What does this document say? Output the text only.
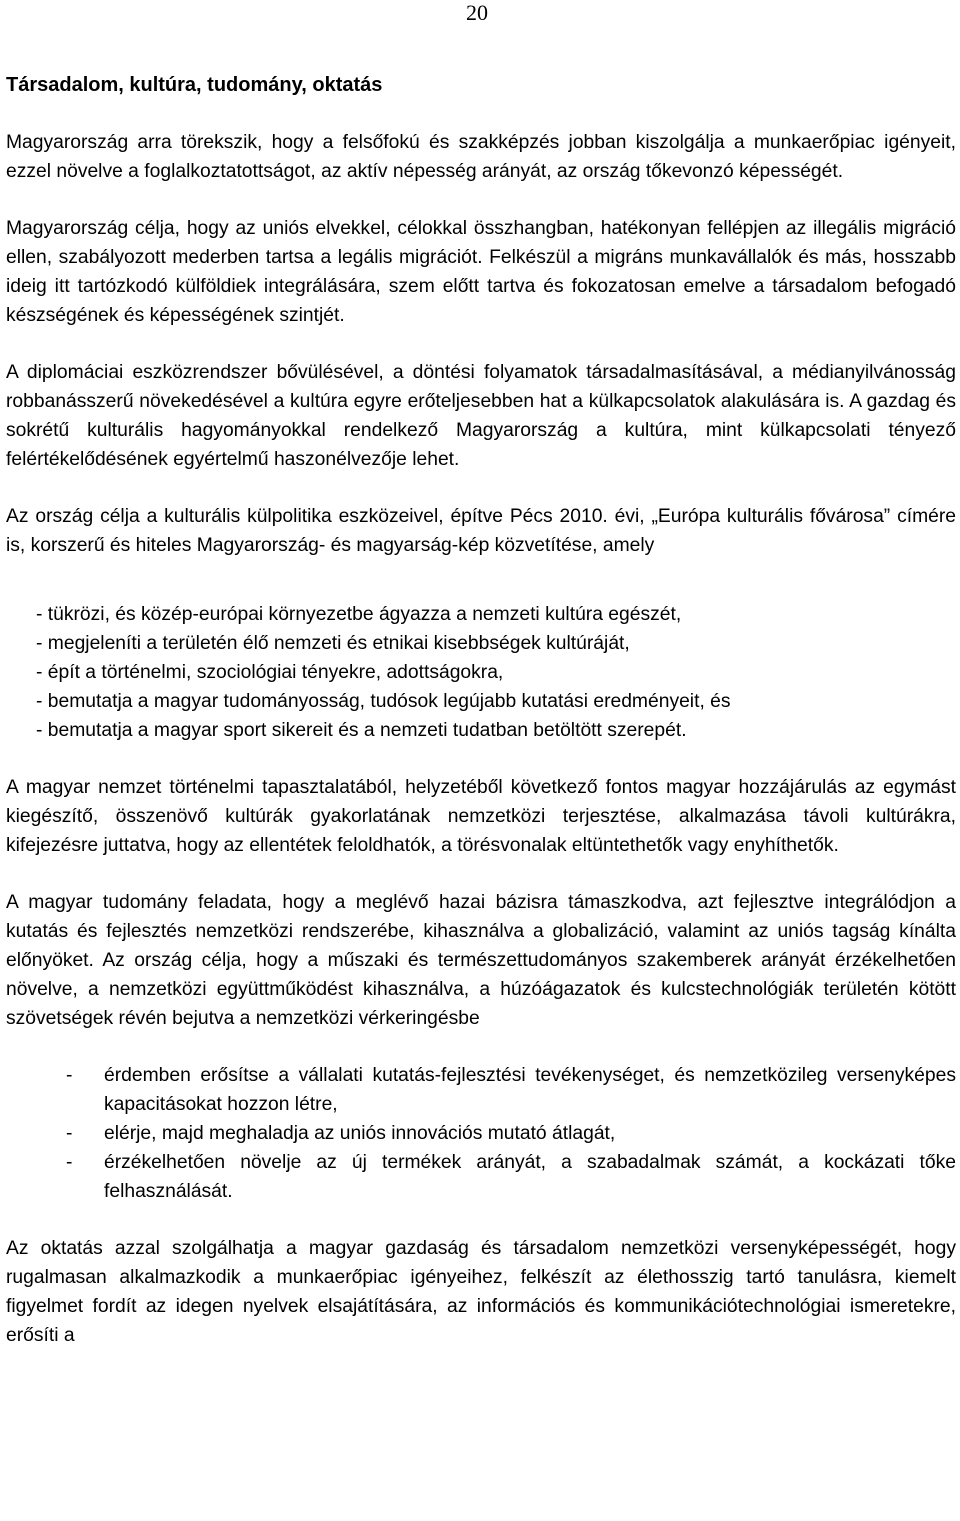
20
Társadalom, kultúra, tudomány, oktatás

Magyarország arra törekszik, hogy a felsőfokú és szakképzés jobban kiszolgálja a munkaerőpiac igényeit, ezzel növelve a foglalkoztatottságot, az aktív népesség arányát, az ország tőkevonzó képességét.

Magyarország célja, hogy az uniós elvekkel, célokkal összhangban, hatékonyan fellépjen az illegális migráció ellen, szabályozott mederben tartsa a legális migrációt. Felkészül a migráns munkavállalók és más, hosszabb ideig itt tartózkodó külföldiek integrálására, szem előtt tartva és fokozatosan emelve a társadalom befogadó készségének és képességének szintjét.

A diplomáciai eszközrendszer bővülésével, a döntési folyamatok társadalmasításával, a médianyilvánosság robbanásszerű növekedésével a kultúra egyre erőteljesebben hat a külkapcsolatok alakulására is. A gazdag és sokrétű kulturális hagyományokkal rendelkező Magyarország a kultúra, mint külkapcsolati tényező felértékelődésének egyértelmű haszonélvezője lehet.

Az ország célja a kulturális külpolitika eszközeivel, építve Pécs 2010. évi, „Európa kulturális fővárosa” címére is, korszerű és hiteles Magyarország- és magyarság-kép közvetítése, amely

- tükrözi, és közép-európai környezetbe ágyazza a nemzeti kultúra egészét,
- megjeleníti a területén élő nemzeti és etnikai kisebbségek kultúráját,
- épít a történelmi, szociológiai tényekre, adottságokra,
- bemutatja a magyar tudományosság, tudósok legújabb kutatási eredményeit, és
- bemutatja a magyar sport sikereit és a nemzeti tudatban betöltött szerepét.

A magyar nemzet történelmi tapasztalatából, helyzetéből következő fontos magyar hozzájárulás az egymást kiegészítő, összenövő kultúrák gyakorlatának nemzetközi terjesztése, alkalmazása távoli kultúrákra, kifejezésre juttatva, hogy az ellentétek feloldhatók, a törésvonalak eltüntethetők vagy enyhíthetők.

A magyar tudomány feladata, hogy a meglévő hazai bázisra támaszkodva, azt fejlesztve integrálódjon a kutatás és fejlesztés nemzetközi rendszerébe, kihasználva a globalizáció, valamint az uniós tagság kínálta előnyöket. Az ország célja, hogy a műszaki és természettudományos szakemberek arányát érzékelhetően növelve, a nemzetközi együttműködést kihasználva, a húzóágazatok és kulcstechnológiák területén kötött szövetségek révén bejutva a nemzetközi vérkeringésbe

- érdemben erősítse a vállalati kutatás-fejlesztési tevékenységet, és nemzetközileg versenyképes kapacitásokat hozzon létre,
- elérje, majd meghaladja az uniós innovációs mutató átlagát,
- érzékelhetően növelje az új termékek arányát, a szabadalmak számát, a kockázati tőke felhasználását.

Az oktatás azzal szolgálhatja a magyar gazdaság és társadalom nemzetközi versenyképességét, hogy rugalmasan alkalmazkodik a munkaerőpiac igényeihez, felkészít az élethosszig tartó tanulásra, kiemelt figyelmet fordít az idegen nyelvek elsajátítására, az információs és kommunikációtechnológiai ismeretekre, erősíti a
